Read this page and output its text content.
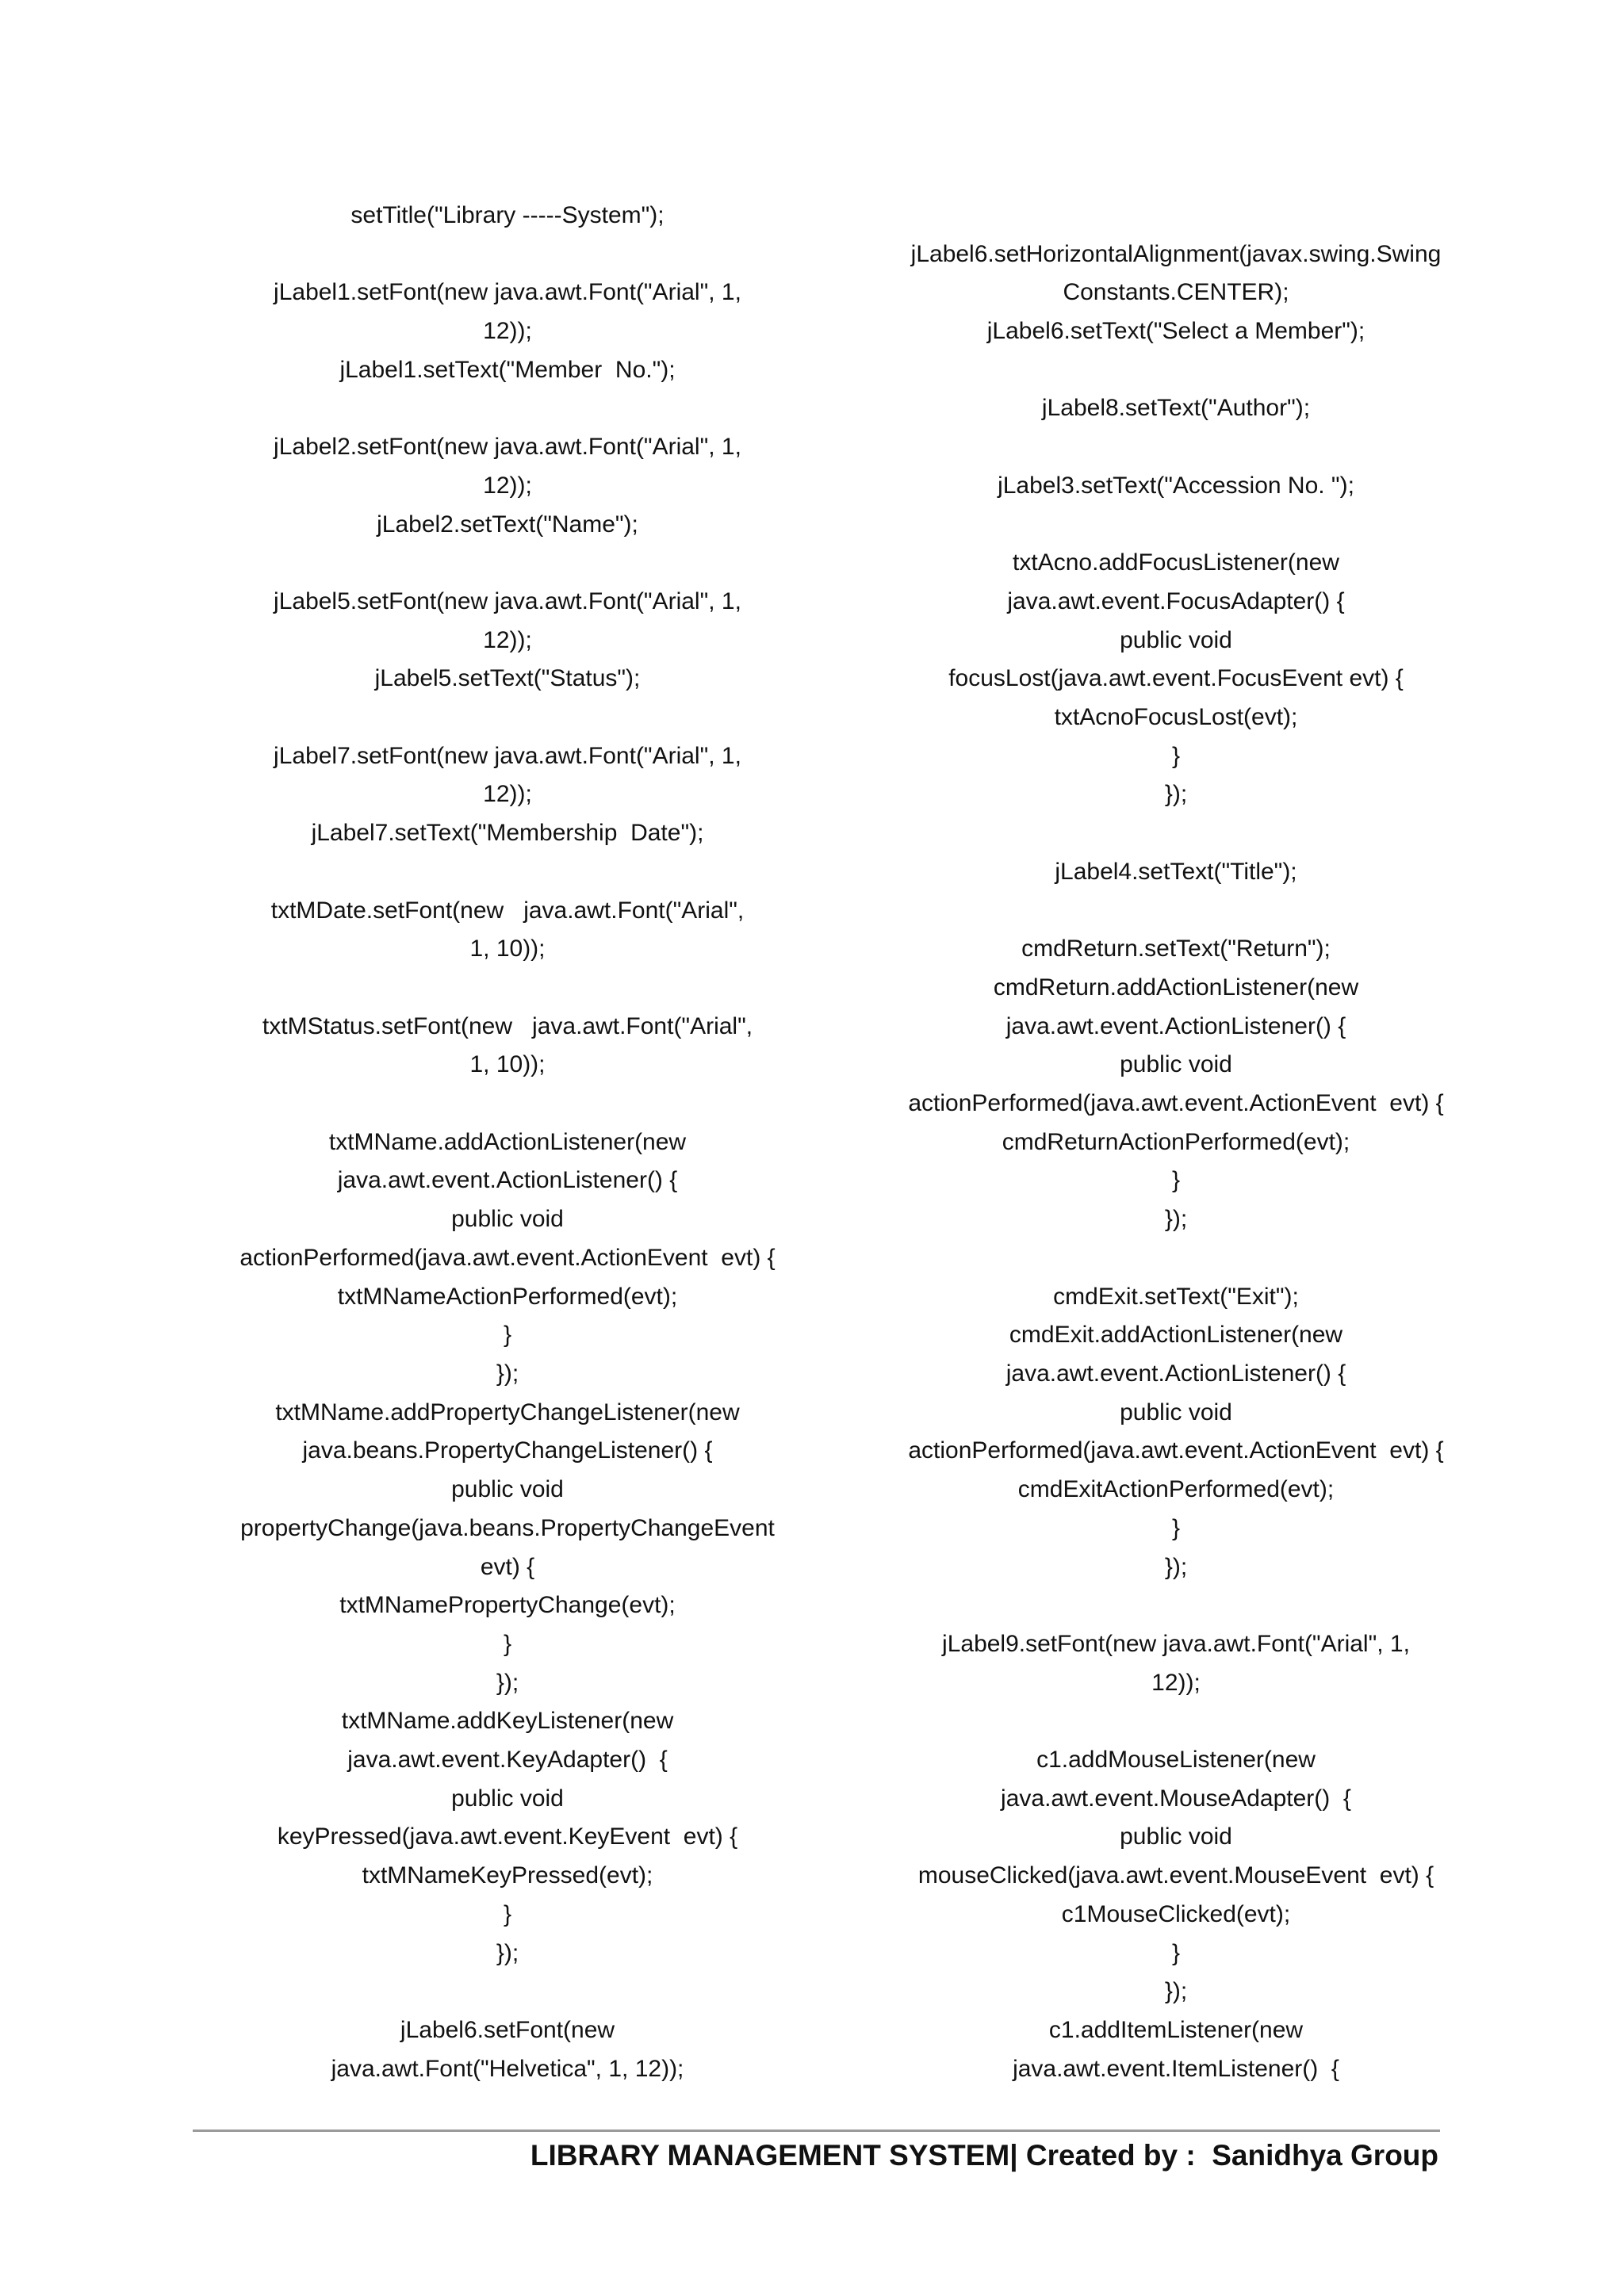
setTitle("Library -----System");
jLabel1.setFont(new java.awt.Font("Arial", 1,
12));
jLabel1.setText("Member  No.");
jLabel2.setFont(new java.awt.Font("Arial", 1,
12));
jLabel2.setText("Name");
jLabel5.setFont(new java.awt.Font("Arial", 1,
12));
jLabel5.setText("Status");
jLabel7.setFont(new java.awt.Font("Arial", 1,
12));
jLabel7.setText("Membership  Date");
txtMDate.setFont(new   java.awt.Font("Arial",
1, 10));
txtMStatus.setFont(new   java.awt.Font("Arial",
1, 10));
txtMName.addActionListener(new
java.awt.event.ActionListener() {
public void
actionPerformed(java.awt.event.ActionEvent  evt) {
txtMNameActionPerformed(evt);
}
});
txtMName.addPropertyChangeListener(new
java.beans.PropertyChangeListener() {
public void
propertyChange(java.beans.PropertyChangeEvent
evt) {
txtMNamePropertyChange(evt);
}
});
txtMName.addKeyListener(new
java.awt.event.KeyAdapter()  {
public void
keyPressed(java.awt.event.KeyEvent  evt) {
txtMNameKeyPressed(evt);
}
});
jLabel6.setFont(new
java.awt.Font("Helvetica", 1, 12));
jLabel6.setHorizontalAlignment(javax.swing.Swing
Constants.CENTER);
jLabel6.setText("Select a Member");
jLabel8.setText("Author");
jLabel3.setText("Accession No. ");
txtAcno.addFocusListener(new
java.awt.event.FocusAdapter() {
public void
focusLost(java.awt.event.FocusEvent evt) {
txtAcnoFocusLost(evt);
}
});
jLabel4.setText("Title");
cmdReturn.setText("Return");
cmdReturn.addActionListener(new
java.awt.event.ActionListener() {
public void
actionPerformed(java.awt.event.ActionEvent  evt) {
cmdReturnActionPerformed(evt);
}
});
cmdExit.setText("Exit");
cmdExit.addActionListener(new
java.awt.event.ActionListener() {
public void
actionPerformed(java.awt.event.ActionEvent  evt) {
cmdExitActionPerformed(evt);
}
});
jLabel9.setFont(new java.awt.Font("Arial", 1,
12));
c1.addMouseListener(new
java.awt.event.MouseAdapter()  {
public void
mouseClicked(java.awt.event.MouseEvent  evt) {
c1MouseClicked(evt);
}
});
c1.addItemListener(new
java.awt.event.ItemListener()  {
LIBRARY MANAGEMENT SYSTEM| Created by :  Sanidhya Group
